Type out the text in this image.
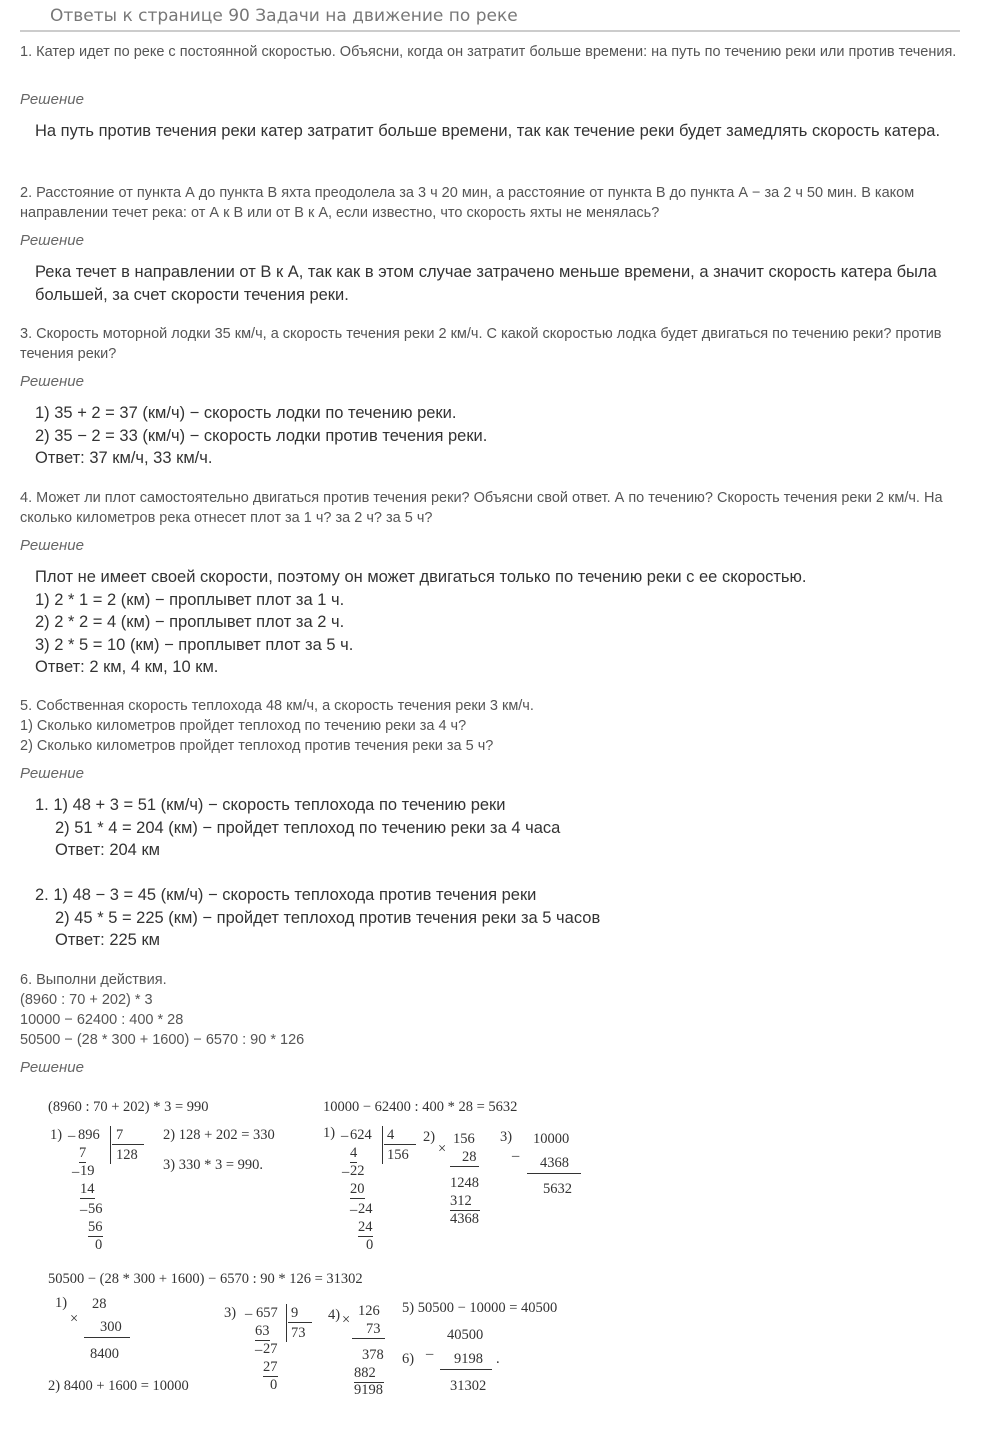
Ответы к странице 90 Задачи на движение по реке
1. Катер идет по реке с постоянной скоростью. Объясни, когда он затратит больше времени: на путь по течению реки или против течения.
Решение
На путь против течения реки катер затратит больше времени, так как течение реки будет замедлять скорость катера.
2. Расстояние от пункта А до пункта В яхта преодолела за 3 ч 20 мин, а расстояние от пункта В до пункта А − за 2 ч 50 мин. В каком направлении течет река: от А к В или от В к А, если известно, что скорость яхты не менялась?
Решение
Река течет в направлении от В к А, так как в этом случае затрачено меньше времени, а значит скорость катера была большей, за счет скорости течения реки.
3. Скорость моторной лодки 35 км/ч, а скорость течения реки 2 км/ч. С какой скоростью лодка будет двигаться по течению реки? против течения реки?
Решение
1) 35 + 2 = 37 (км/ч) − скорость лодки по течению реки.
2) 35 − 2 = 33 (км/ч) − скорость лодки против течения реки.
Ответ: 37 км/ч, 33 км/ч.
4. Может ли плот самостоятельно двигаться против течения реки? Объясни свой ответ. А по течению? Скорость течения реки 2 км/ч. На сколько километров река отнесет плот за 1 ч? за 2 ч? за 5 ч?
Решение
Плот не имеет своей скорости, поэтому он может двигаться только по течению реки с ее скоростью.
1) 2 * 1 = 2 (км) − проплывет плот за 1 ч.
2) 2 * 2 = 4 (км) − проплывет плот за 2 ч.
3) 2 * 5 = 10 (км) − проплывет плот за 5 ч.
Ответ: 2 км, 4 км, 10 км.
5. Собственная скорость теплохода 48 км/ч, а скорость течения реки 3 км/ч.
1) Сколько километров пройдет теплоход по течению реки за 4 ч?
2) Сколько километров пройдет теплоход против течения реки за 5 ч?
Решение
1. 1) 48 + 3 = 51 (км/ч) − скорость теплохода по течению реки
2) 51 * 4 = 204 (км) − пройдет теплоход по течению реки за 4 часа
Ответ: 204 км
2. 1) 48 − 3 = 45 (км/ч) − скорость теплохода против течения реки
2) 45 * 5 = 225 (км) − пройдет теплоход против течения реки за 5 часов
Ответ: 225 км
6. Выполни действия.
(8960 : 70 + 202) * 3
10000 − 62400 : 400 * 28
50500 − (28 * 300 + 1600) − 6570 : 90 * 126
Решение
(8960 : 70 + 202) * 3 = 990
1) _ 896 7
128
7
_ 19
14
_ 56
56
0
2) 128 + 202 = 330
3) 330 * 3 = 990.
10000 − 62400 : 400 * 28 = 5632
1) _ 624 4
156
4
_ 22
20
_ 24
24
0
2)
×
156
28
1248
312
4368
3)
_
10000
4368
5632
50500 − (28 * 300 + 1600) − 6570 : 90 * 126 = 31302
1)
×
28
300
8400
2) 8400 + 1600 = 10000
3) _ 657 9
73
63
_ 27
27
0
4) ×
126
73
378
882
9198
5) 50500 − 10000 = 40500
6)
_
40500
9198 .
31302
